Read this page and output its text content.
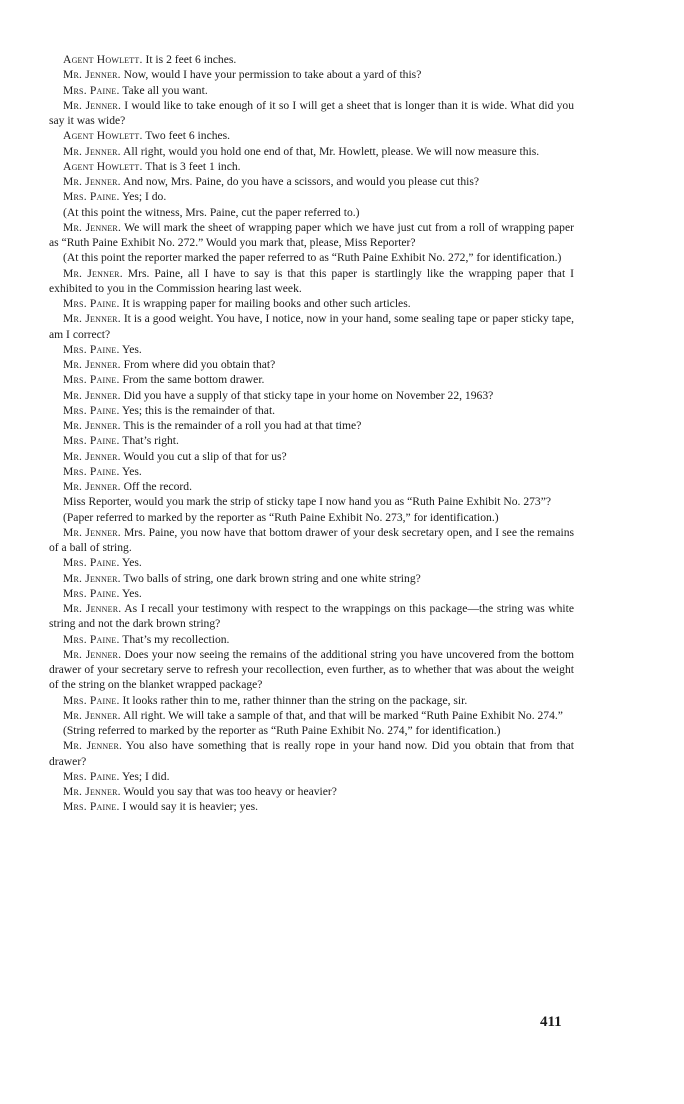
Agent Howlett. It is 2 feet 6 inches.

Mr. Jenner. Now, would I have your permission to take about a yard of this?

Mrs. Paine. Take all you want.

Mr. Jenner. I would like to take enough of it so I will get a sheet that is longer than it is wide. What did you say it was wide?

Agent Howlett. Two feet 6 inches.

Mr. Jenner. All right, would you hold one end of that, Mr. Howlett, please. We will now measure this.

Agent Howlett. That is 3 feet 1 inch.

Mr. Jenner. And now, Mrs. Paine, do you have a scissors, and would you please cut this?

Mrs. Paine. Yes; I do.

(At this point the witness, Mrs. Paine, cut the paper referred to.)

Mr. Jenner. We will mark the sheet of wrapping paper which we have just cut from a roll of wrapping paper as “Ruth Paine Exhibit No. 272.” Would you mark that, please, Miss Reporter?

(At this point the reporter marked the paper referred to as “Ruth Paine Exhibit No. 272,” for identification.)

Mr. Jenner. Mrs. Paine, all I have to say is that this paper is startlingly like the wrapping paper that I exhibited to you in the Commission hearing last week.

Mrs. Paine. It is wrapping paper for mailing books and other such articles.

Mr. Jenner. It is a good weight. You have, I notice, now in your hand, some sealing tape or paper sticky tape, am I correct?

Mrs. Paine. Yes.

Mr. Jenner. From where did you obtain that?

Mrs. Paine. From the same bottom drawer.

Mr. Jenner. Did you have a supply of that sticky tape in your home on November 22, 1963?

Mrs. Paine. Yes; this is the remainder of that.

Mr. Jenner. This is the remainder of a roll you had at that time?

Mrs. Paine. That’s right.

Mr. Jenner. Would you cut a slip of that for us?

Mrs. Paine. Yes.

Mr. Jenner. Off the record.

Miss Reporter, would you mark the strip of sticky tape I now hand you as “Ruth Paine Exhibit No. 273”?

(Paper referred to marked by the reporter as “Ruth Paine Exhibit No. 273,” for identification.)

Mr. Jenner. Mrs. Paine, you now have that bottom drawer of your desk secretary open, and I see the remains of a ball of string.

Mrs. Paine. Yes.

Mr. Jenner. Two balls of string, one dark brown string and one white string?

Mrs. Paine. Yes.

Mr. Jenner. As I recall your testimony with respect to the wrappings on this package—the string was white string and not the dark brown string?

Mrs. Paine. That’s my recollection.

Mr. Jenner. Does your now seeing the remains of the additional string you have uncovered from the bottom drawer of your secretary serve to refresh your recollection, even further, as to whether that was about the weight of the string on the blanket wrapped package?

Mrs. Paine. It looks rather thin to me, rather thinner than the string on the package, sir.

Mr. Jenner. All right. We will take a sample of that, and that will be marked “Ruth Paine Exhibit No. 274.”

(String referred to marked by the reporter as “Ruth Paine Exhibit No. 274,” for identification.)

Mr. Jenner. You also have something that is really rope in your hand now. Did you obtain that from that drawer?

Mrs. Paine. Yes; I did.

Mr. Jenner. Would you say that was too heavy or heavier?

Mrs. Paine. I would say it is heavier; yes.

411
